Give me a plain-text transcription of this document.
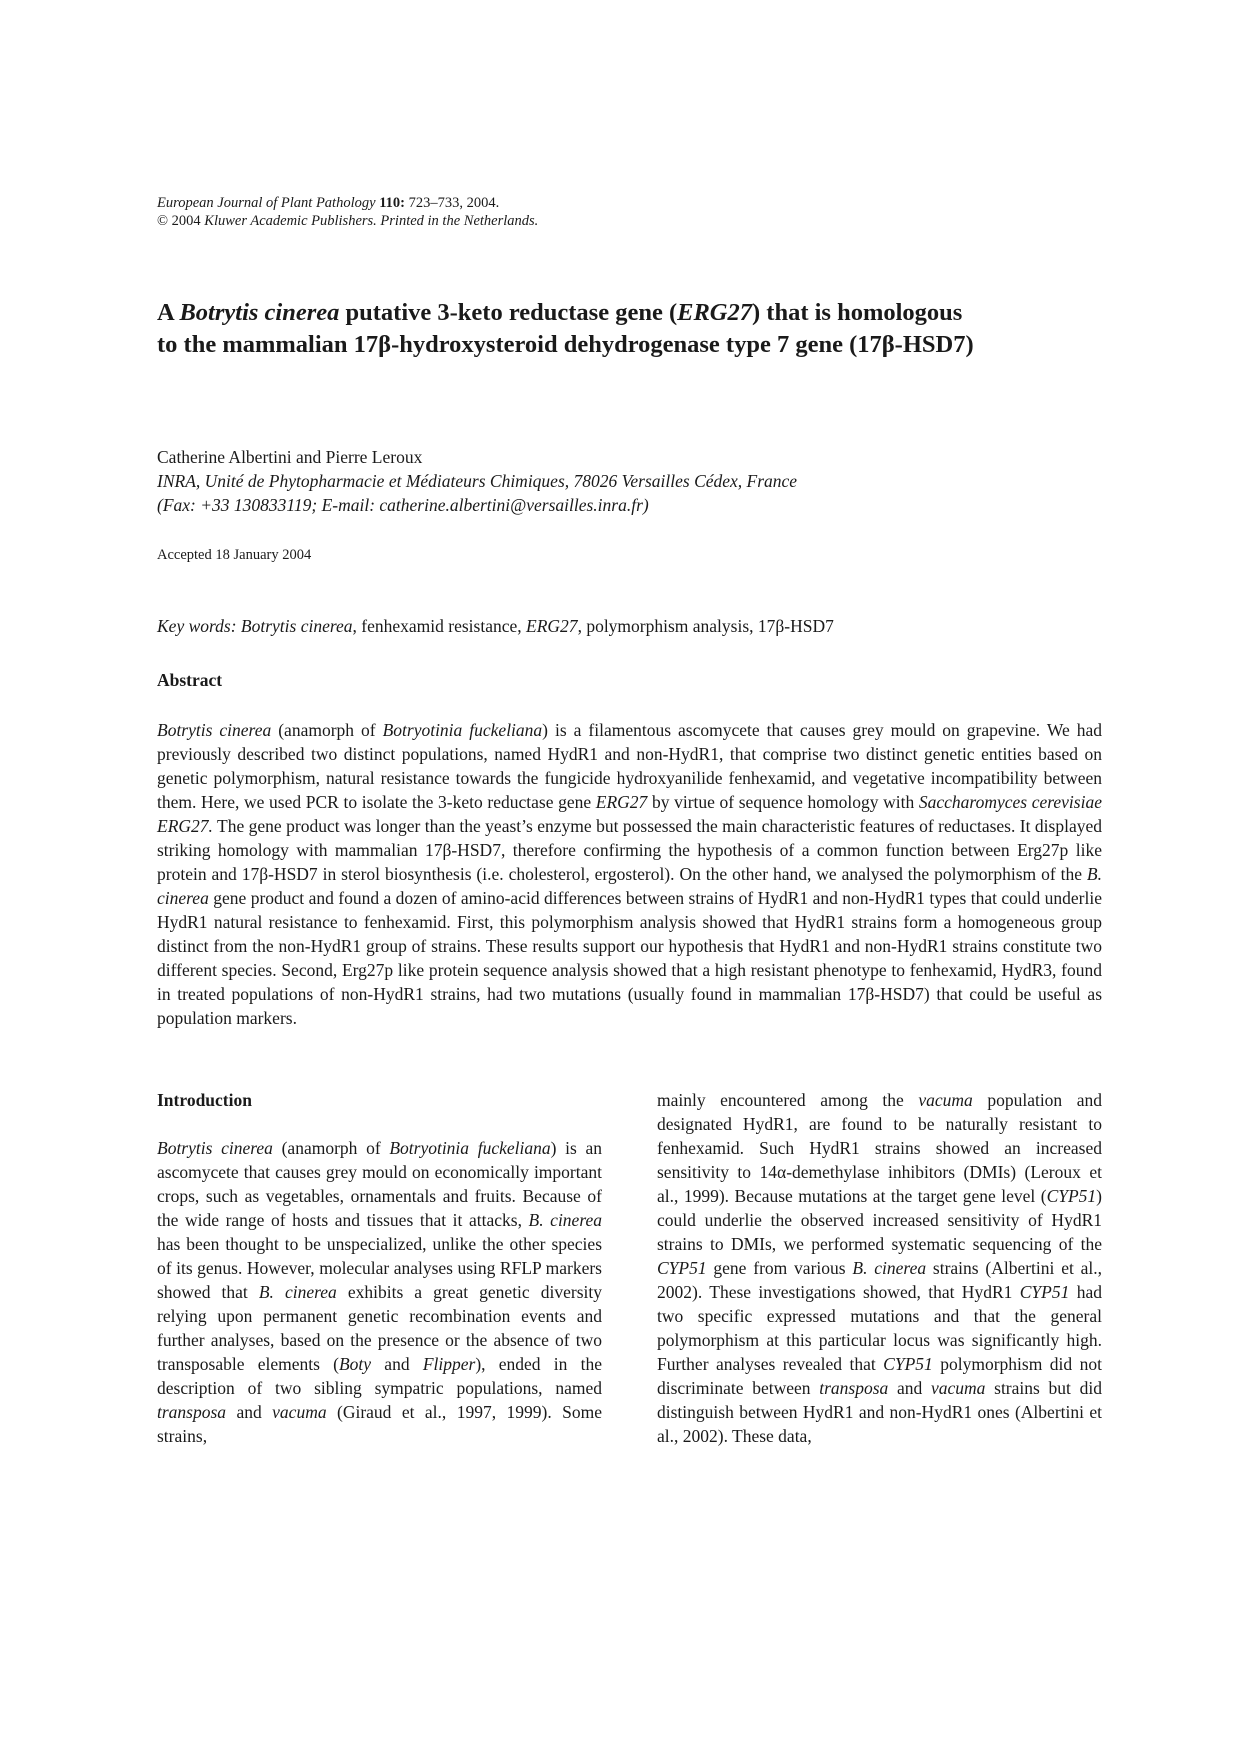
European Journal of Plant Pathology 110: 723–733, 2004.
© 2004 Kluwer Academic Publishers. Printed in the Netherlands.
A Botrytis cinerea putative 3-keto reductase gene (ERG27) that is homologous to the mammalian 17β-hydroxysteroid dehydrogenase type 7 gene (17β-HSD7)
Catherine Albertini and Pierre Leroux
INRA, Unité de Phytopharmacie et Médiateurs Chimiques, 78026 Versailles Cédex, France
(Fax: +33 130833119; E-mail: catherine.albertini@versailles.inra.fr)
Accepted 18 January 2004
Key words: Botrytis cinerea, fenhexamid resistance, ERG27, polymorphism analysis, 17β-HSD7
Abstract

Botrytis cinerea (anamorph of Botryotinia fuckeliana) is a filamentous ascomycete that causes grey mould on grapevine. We had previously described two distinct populations, named HydR1 and non-HydR1, that comprise two distinct genetic entities based on genetic polymorphism, natural resistance towards the fungicide hydroxyanilide fenhexamid, and vegetative incompatibility between them. Here, we used PCR to isolate the 3-keto reductase gene ERG27 by virtue of sequence homology with Saccharomyces cerevisiae ERG27. The gene product was longer than the yeast’s enzyme but possessed the main characteristic features of reductases. It displayed striking homology with mammalian 17β-HSD7, therefore confirming the hypothesis of a common function between Erg27p like protein and 17β-HSD7 in sterol biosynthesis (i.e. cholesterol, ergosterol). On the other hand, we analysed the polymorphism of the B. cinerea gene product and found a dozen of amino-acid differences between strains of HydR1 and non-HydR1 types that could underlie HydR1 natural resistance to fenhexamid. First, this polymorphism analysis showed that HydR1 strains form a homogeneous group distinct from the non-HydR1 group of strains. These results support our hypothesis that HydR1 and non-HydR1 strains constitute two different species. Second, Erg27p like protein sequence analysis showed that a high resistant phenotype to fenhexamid, HydR3, found in treated populations of non-HydR1 strains, had two mutations (usually found in mammalian 17β-HSD7) that could be useful as population markers.

Introduction

Botrytis cinerea (anamorph of Botryotinia fuckeliana) is an ascomycete that causes grey mould on economically important crops, such as vegetables, ornamentals and fruits. Because of the wide range of hosts and tissues that it attacks, B. cinerea has been thought to be unspecialized, unlike the other species of its genus. However, molecular analyses using RFLP markers showed that B. cinerea exhibits a great genetic diversity relying upon permanent genetic recombination events and further analyses, based on the presence or the absence of two transposable elements (Boty and Flipper), ended in the description of two sibling sympatric populations, named transposa and vacuma (Giraud et al., 1997, 1999). Some strains,

mainly encountered among the vacuma population and designated HydR1, are found to be naturally resistant to fenhexamid. Such HydR1 strains showed an increased sensitivity to 14α-demethylase inhibitors (DMIs) (Leroux et al., 1999). Because mutations at the target gene level (CYP51) could underlie the observed increased sensitivity of HydR1 strains to DMIs, we performed systematic sequencing of the CYP51 gene from various B. cinerea strains (Albertini et al., 2002). These investigations showed, that HydR1 CYP51 had two specific expressed mutations and that the general polymorphism at this particular locus was significantly high. Further analyses revealed that CYP51 polymorphism did not discriminate between transposa and vacuma strains but did distinguish between HydR1 and non-HydR1 ones (Albertini et al., 2002). These data,
